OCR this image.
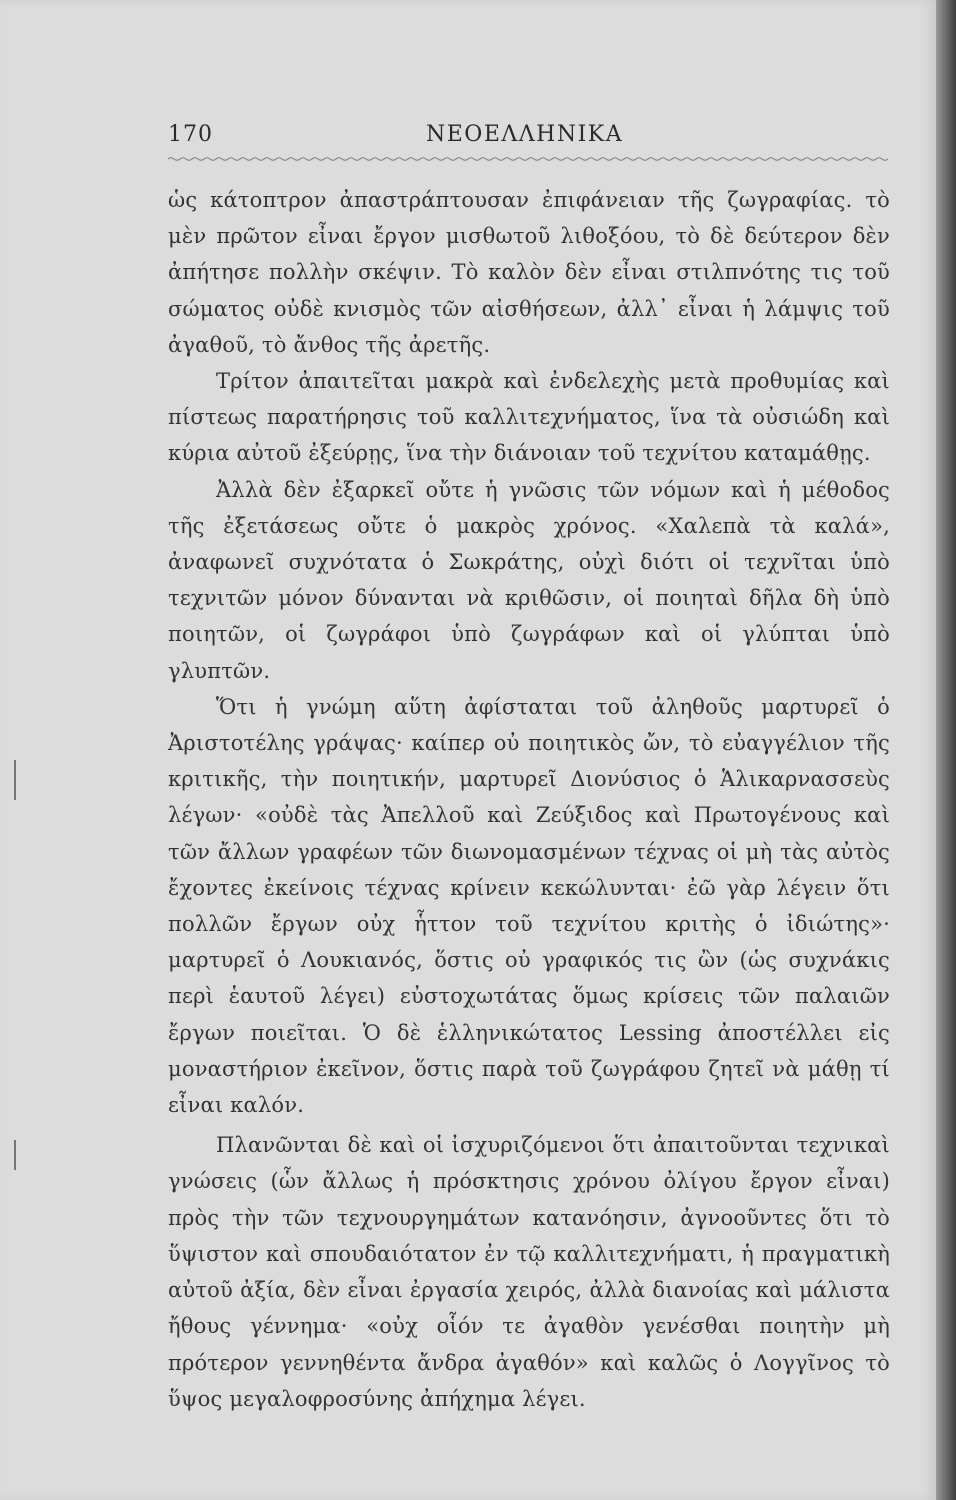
170	ΝΕΟΕΛΛΗΝΙΚΑ

ὡς κάτοπτρον ἀπαστράπτουσαν ἐπιφάνειαν τῆς ζωγραφίας. τὸ μὲν πρῶτον εἶναι ἔργον μισθωτοῦ λιθοξόου, τὸ δὲ δεύτερον δὲν ἀπήτησε πολλὴν σκέψιν. Τὸ καλὸν δὲν εἶναι στιλπνότης τις τοῦ σώματος οὐδὲ κνισμὸς τῶν αἰσθήσεων, ἀλλ᾽ εἶναι ἡ λάμψις τοῦ ἀγαθοῦ, τὸ ἄνθος τῆς ἀρετῆς.

Τρίτον ἀπαιτεῖται μακρὰ καὶ ἐνδελεχὴς μετὰ προθυμίας καὶ πίστεως παρατήρησις τοῦ καλλιτεχνήματος, ἵνα τὰ οὐσιώδη καὶ κύρια αὐτοῦ ἐξεύρῃς, ἵνα τὴν διάνοιαν τοῦ τεχνίτου καταμάθῃς.

Ἀλλὰ δὲν ἐξαρκεῖ οὔτε ἡ γνῶσις τῶν νόμων καὶ ἡ μέθοδος τῆς ἐξετάσεως οὔτε ὁ μακρὸς χρόνος. «Χαλεπὰ τὰ καλά», ἀναφωνεῖ συχνότατα ὁ Σωκράτης, οὐχὶ διότι οἱ τεχνῖται ὑπὸ τεχνιτῶν μόνον δύνανται νὰ κριθῶσιν, οἱ ποιηταὶ δῆλα δὴ ὑπὸ ποιητῶν, οἱ ζωγράφοι ὑπὸ ζωγράφων καὶ οἱ γλύπται ὑπὸ γλυπτῶν.

Ὅτι ἡ γνώμη αὕτη ἀφίσταται τοῦ ἀληθοῦς μαρτυρεῖ ὁ Ἀριστοτέλης γράψας· καίπερ οὐ ποιητικὸς ὤν, τὸ εὐαγγέλιον τῆς κριτικῆς, τὴν ποιητικήν, μαρτυρεῖ Διονύσιος ὁ Ἁλικαρνασσεὺς λέγων· «οὐδὲ τὰς Ἀπελλοῦ καὶ Ζεύξιδος καὶ Πρωτογένους καὶ τῶν ἄλλων γραφέων τῶν διωνομασμένων τέχνας οἱ μὴ τὰς αὐτὸς ἔχοντες ἐκείνοις τέχνας κρίνειν κεκώλυνται· ἐῶ γὰρ λέγειν ὅτι πολλῶν ἔργων οὐχ ἧττον τοῦ τεχνίτου κριτὴς ὁ ἰδιώτης»· μαρτυρεῖ ὁ Λουκιανός, ὅστις οὐ γραφικός τις ὢν (ὡς συχνάκις περὶ ἑαυτοῦ λέγει) εὐστοχωτάτας ὅμως κρίσεις τῶν παλαιῶν ἔργων ποιεῖται. Ὁ δὲ ἑλληνικώτατος Lessing ἀποστέλλει εἰς μοναστήριον ἐκεῖνον, ὅστις παρὰ τοῦ ζωγράφου ζητεῖ νὰ μάθῃ τί εἶναι καλόν.

Πλανῶνται δὲ καὶ οἱ ἰσχυριζόμενοι ὅτι ἀπαιτοῦνται τεχνικαὶ γνώσεις (ὧν ἄλλως ἡ πρόσκτησις χρόνου ὀλίγου ἔργον εἶναι) πρὸς τὴν τῶν τεχνουργημάτων κατανόησιν, ἀγνοοῦντες ὅτι τὸ ὕψιστον καὶ σπουδαιότατον ἐν τῷ καλλιτεχνήματι, ἡ πραγματικὴ αὐτοῦ ἀξία, δὲν εἶναι ἐργασία χειρός, ἀλλὰ διανοίας καὶ μάλιστα ἤθους γέννημα· «οὐχ οἷόν τε ἀγαθὸν γενέσθαι ποιητὴν μὴ πρότερον γεννηθέντα ἄνδρα ἀγαθόν» καὶ καλῶς ὁ Λογγῖνος τὸ ὕψος μεγαλοφροσύνης ἀπήχημα λέγει.
